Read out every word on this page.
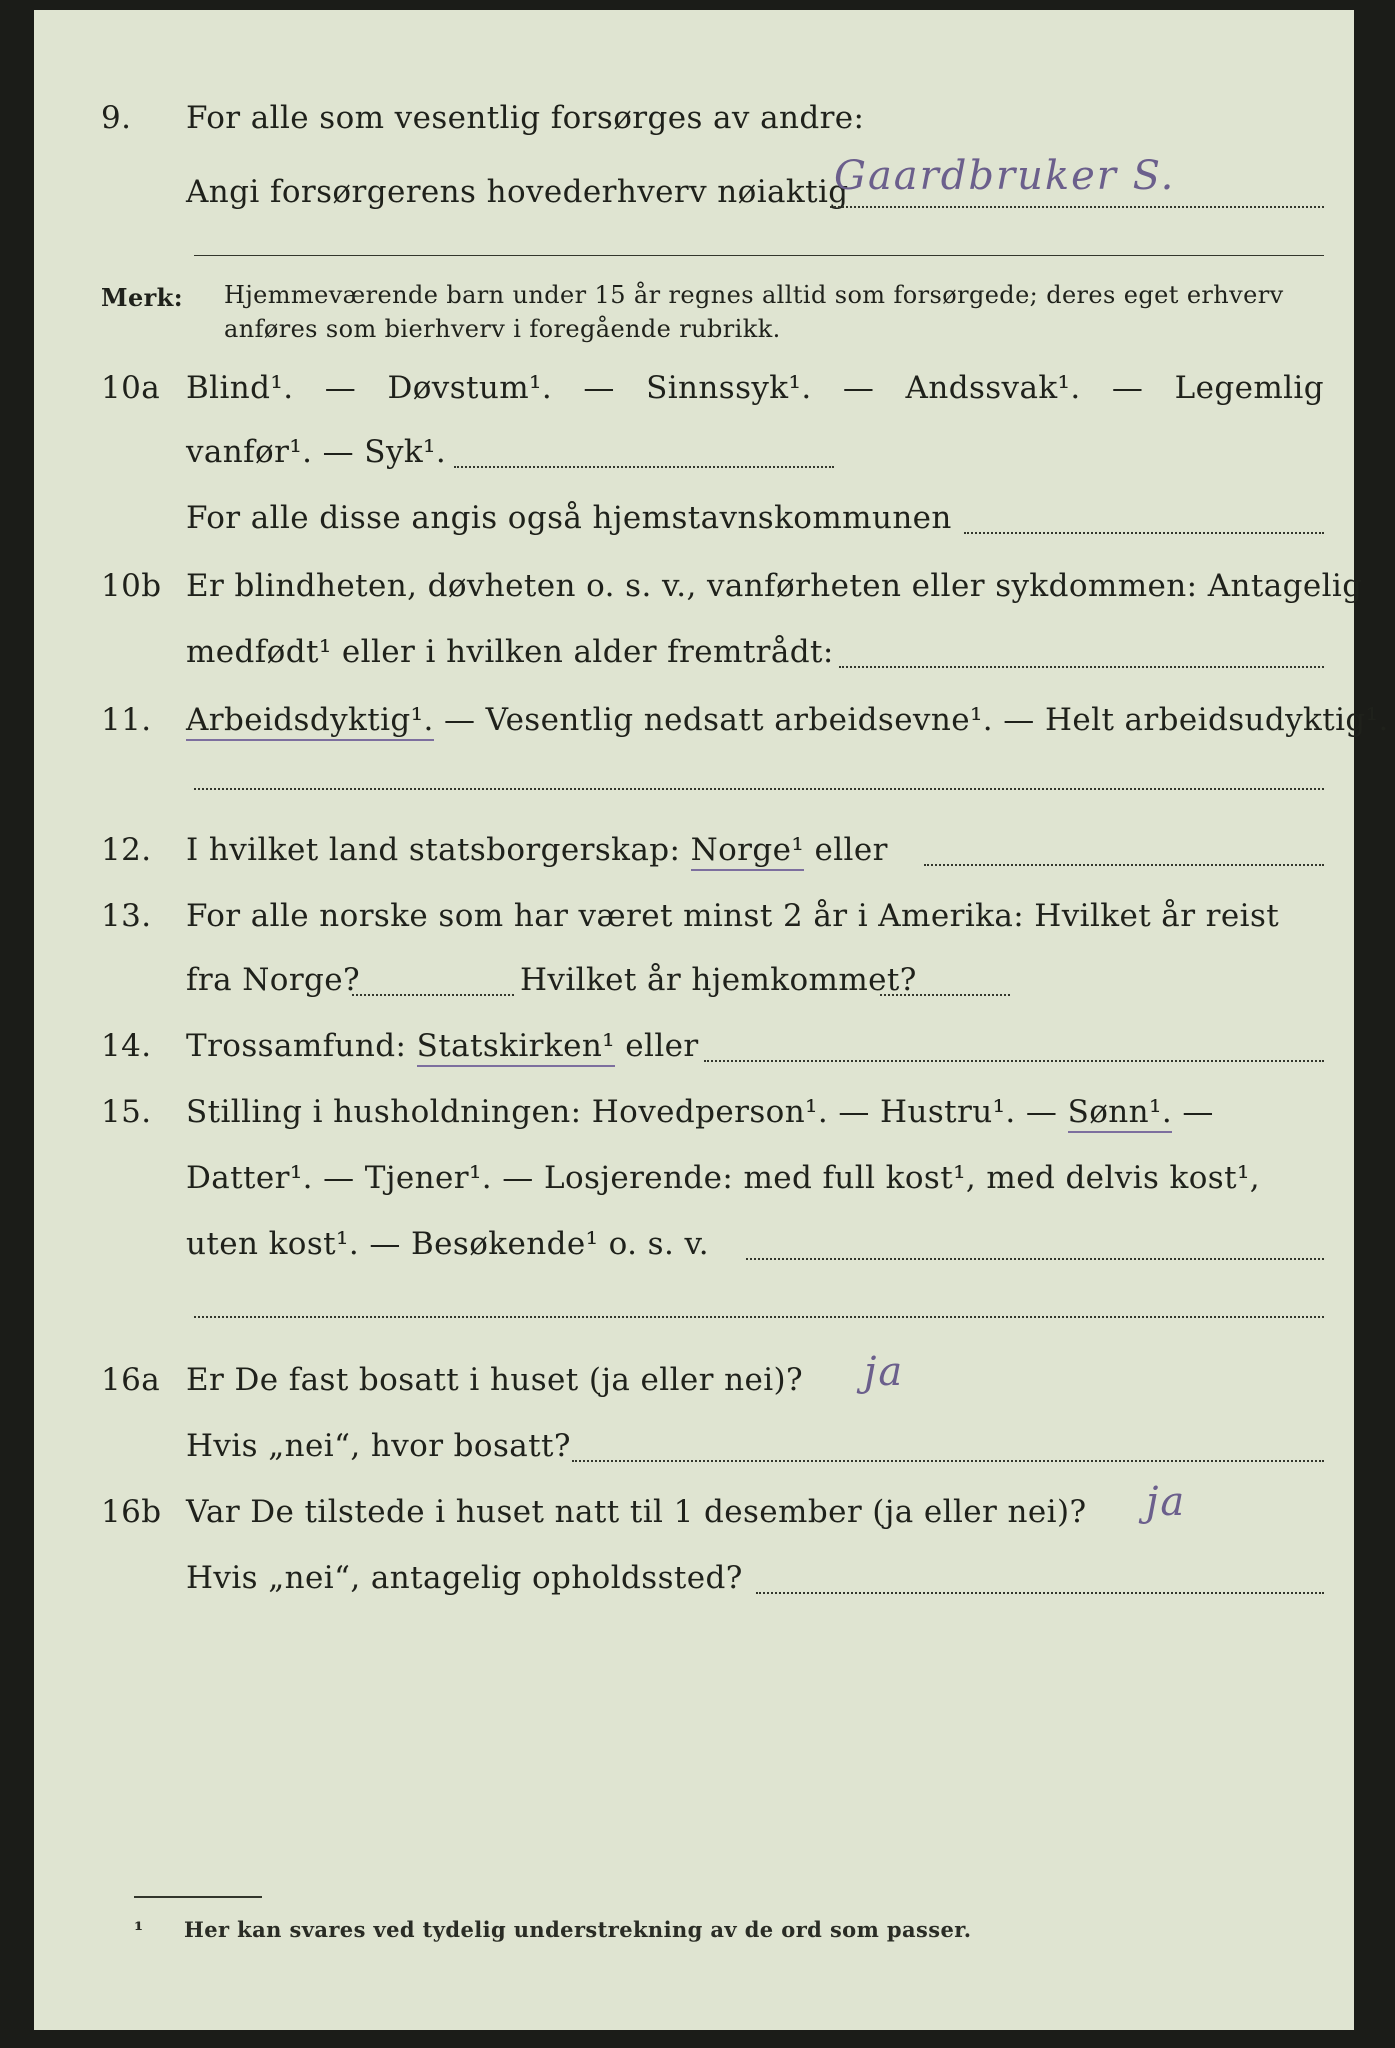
9. For alle som vesentlig forsørges av andre:
Angi forsørgerens hovederhverv nøiaktig
Gaardbruker S.
Merk: Hjemmeværende barn under 15 år regnes alltid som forsørgede; deres eget erhverv
anføres som bierhverv i foregående rubrikk.
10a Blind¹. — Døvstum¹. — Sinnssyk¹. — Andssvak¹. — Legemlig
vanfør¹. — Syk¹.
For alle disse angis også hjemstavnskommunen
10b Er blindheten, døvheten o. s. v., vanførheten eller sykdommen: Antagelig
medfødt¹ eller i hvilken alder fremtrådt:
11. Arbeidsdyktig¹. — Vesentlig nedsatt arbeidsevne¹. — Helt arbeidsudyktig¹.
12. I hvilket land statsborgerskap: Norge¹ eller
13. For alle norske som har været minst 2 år i Amerika: Hvilket år reist
fra Norge?	Hvilket år hjemkommet?
14. Trossamfund: Statskirken¹ eller
15. Stilling i husholdningen: Hovedperson¹. — Hustru¹. — Sønn¹. —
Datter¹. — Tjener¹. — Losjerende: med full kost¹, med delvis kost¹,
uten kost¹. — Besøkende¹ o. s. v.
16a Er De fast bosatt i huset (ja eller nei)? ja
Hvis „nei“, hvor bosatt?
16b Var De tilstede i huset natt til 1 desember (ja eller nei)? ja
Hvis „nei“, antagelig opholdssted?
¹ Her kan svares ved tydelig understrekning av de ord som passer.
